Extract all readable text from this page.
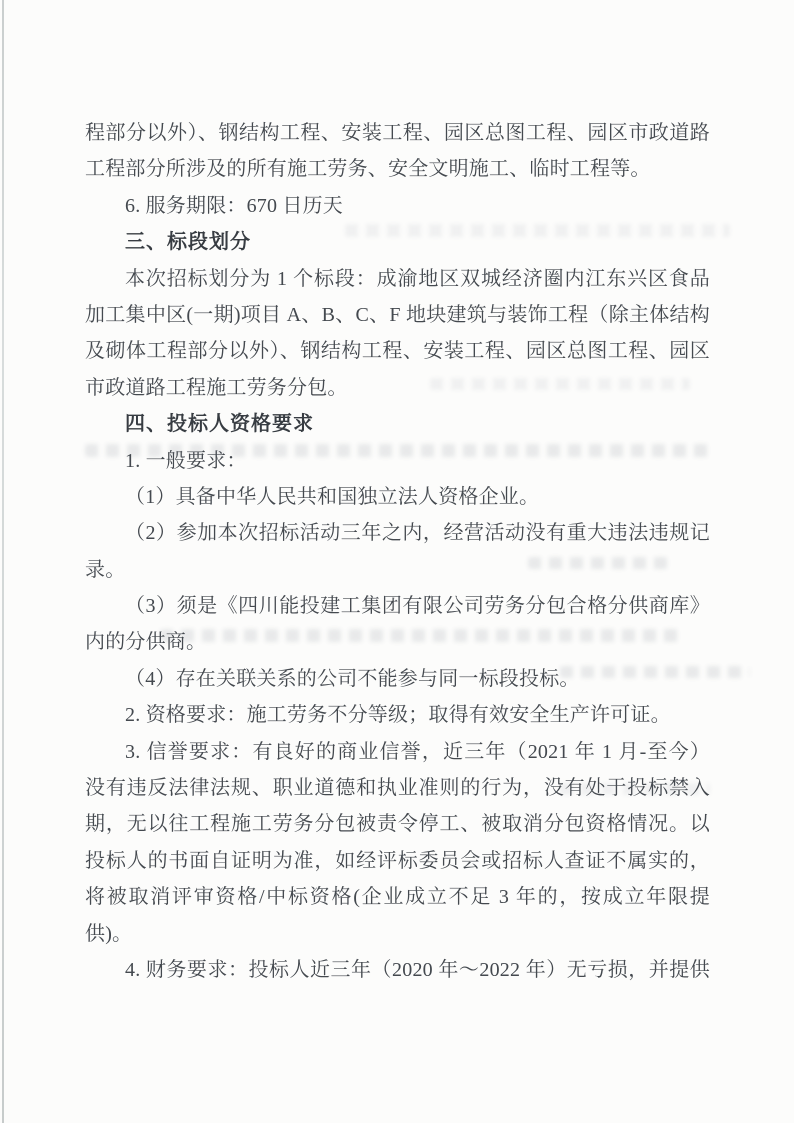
程部分以外）、钢结构工程、安装工程、园区总图工程、园区市政道路
工程部分所涉及的所有施工劳务、安全文明施工、临时工程等。
6. 服务期限：670 日历天
三、标段划分
本次招标划分为 1 个标段：成渝地区双城经济圈内江东兴区食品
加工集中区(一期)项目 A、B、C、F 地块建筑与装饰工程（除主体结构
及砌体工程部分以外）、钢结构工程、安装工程、园区总图工程、园区
市政道路工程施工劳务分包。
四、投标人资格要求
1. 一般要求：
（1）具备中华人民共和国独立法人资格企业。
（2）参加本次招标活动三年之内，经营活动没有重大违法违规记
录。
（3）须是《四川能投建工集团有限公司劳务分包合格分供商库》
内的分供商。
（4）存在关联关系的公司不能参与同一标段投标。
2. 资格要求：施工劳务不分等级；取得有效安全生产许可证。
3. 信誉要求：有良好的商业信誉，近三年（2021 年 1 月-至今）
没有违反法律法规、职业道德和执业准则的行为，没有处于投标禁入
期，无以往工程施工劳务分包被责令停工、被取消分包资格情况。以
投标人的书面自证明为准，如经评标委员会或招标人查证不属实的，
将被取消评审资格/中标资格(企业成立不足 3 年的，按成立年限提
供)。
4. 财务要求：投标人近三年（2020 年～2022 年）无亏损，并提供
